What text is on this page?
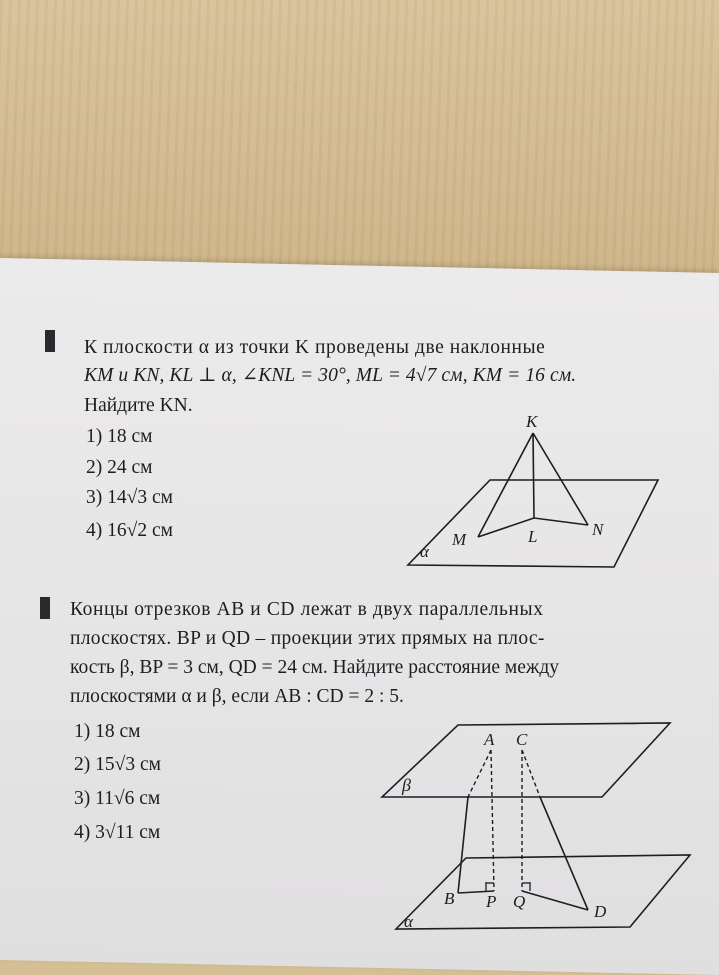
К плоскости α из точки K проведены две наклонные
KM и KN, KL ⊥ α, ∠KNL = 30°, ML = 4√7 см, KM = 16 см.
Найдите KN.
1) 18 см
2) 24 см
3) 14√3 см
4) 16√2 см
K
M	L	N
α
Концы отрезков AB и CD лежат в двух параллельных
плоскостях. BP и QD – проекции этих прямых на плос-
кость β, BP = 3 см, QD = 24 см. Найдите расстояние между
плоскостями α и β, если AB : CD = 2 : 5.
1) 18 см
2) 15√3 см
3) 11√6 см
4) 3√11 см
A C
β
B P Q
D
α
